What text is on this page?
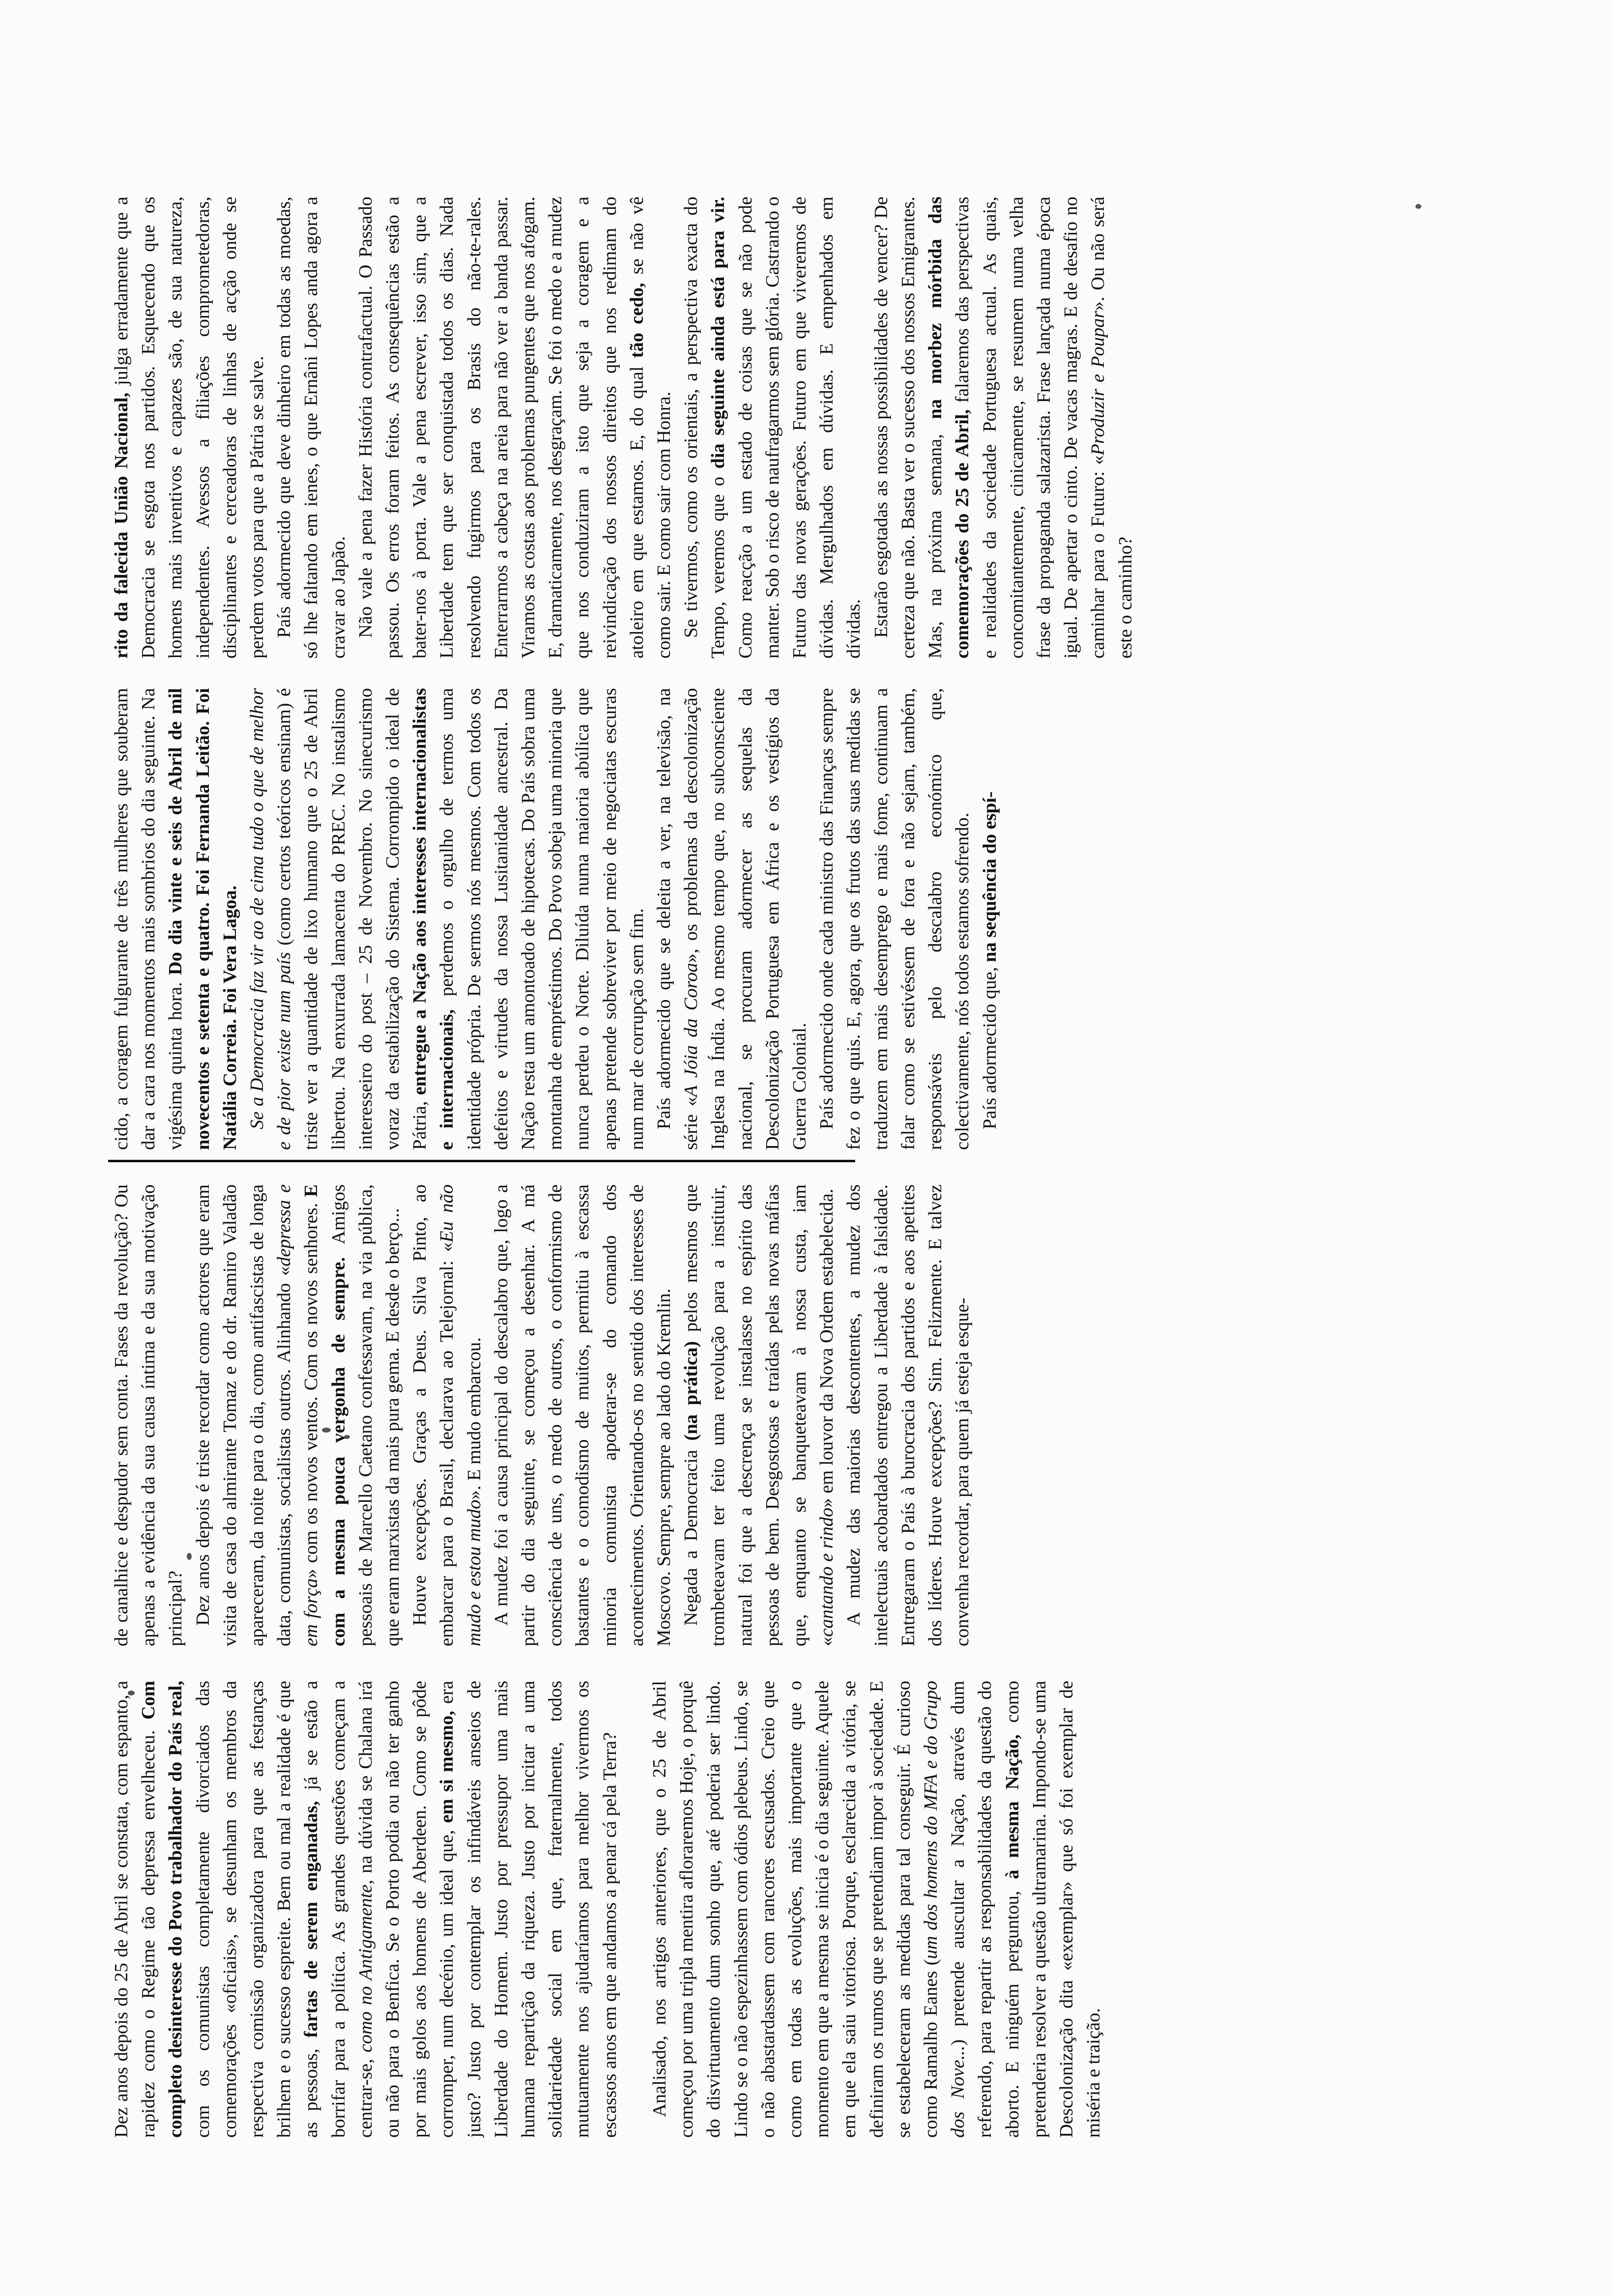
Dez anos depois do 25 de Abril se constata, com espanto, a rapidez como o Regime tão depressa envelheceu. Com completo desinteresse do Povo trabalhador do País real, com os comunistas completamente divorciados das comemorações «oficiais», se desunham os membros da respectiva comissão organizadora para que as festanças brilhem e o sucesso espreite. Bem ou mal a realidade é que as pessoas, fartas de serem enganadas, já se estão a borrifar para a política. As grandes questões começam a centrar-se, como no Antigamente, na dúvida se Chalana irá ou não para o Benfica. Se o Porto podia ou não ter ganho por mais golos aos homens de Aberdeen. Como se pôde corromper, num decénio, um ideal que, em si mesmo, era justo? Justo por contemplar os infindáveis anseios de Liberdade do Homem. Justo por pressupor uma mais humana repartição da riqueza. Justo por incitar a uma solidariedade social em que, fraternalmente, todos mutuamente nos ajudaríamos para melhor vivermos os escassos anos em que andamos a penar cá pela Terra? Analisado, nos artigos anteriores, que o 25 de Abril começou por uma tripla mentira afloraremos Hoje, o porquê do disvirtuamento dum sonho que, até poderia ser lindo. Lindo se o não espezinhassem com ódios plebeus. Lindo, se o não abastardassem com rancores escusados. Creio que como em todas as evoluções, mais importante que o momento em que a mesma se inicia é o dia seguinte. Aquele em que ela saiu vitoriosa. Porque, esclarecida a vitória, se definiram os rumos que se pretendiam impor à sociedade. E se estabeleceram as medidas para tal conseguir. É curioso como Ramalho Eanes (um dos homens do MFA e do Grupo dos Nove...) pretende auscultar a Nação, através dum referendo, para repartir as responsabilidades da questão do aborto. E ninguém perguntou, à mesma Nação, como pretenderia resolver a questão ultramarina. Impondo-se uma Descolonização dita «exemplar» que só foi exemplar de miséria e traição.

de canalhice e despudor sem conta. Fases da revolução? Ou apenas a evidência da sua causa íntima e da sua motivação principal? Dez anos depois é triste recordar como actores que eram visita de casa do almirante Tomaz e do dr. Ramiro Valadão apareceram, da noite para o dia, como antifascistas de longa data, comunistas, socialistas outros. Alinhando «depressa e em força» com os novos ventos. Com os novos senhores. E com a mesma pouca vergonha de sempre. Amigos pessoais de Marcello Caetano confessavam, na via pública, que eram marxistas da mais pura gema. E desde o berço... Houve excepções. Graças a Deus. Silva Pinto, ao embarcar para o Brasil, declarava ao Telejornal: «Eu não mudo e estou mudo». E mudo embarcou. A mudez foi a causa principal do descalabro que, logo a partir do dia seguinte, se começou a desenhar. A má consciência de uns, o medo de outros, o conformismo de bastantes e o comodismo de muitos, permitiu à escassa minoria comunista apoderar-se do comando dos acontecimentos. Orientando-os no sentido dos interesses de Moscovo. Sempre, sempre ao lado do Kremlin. Negada a Democracia (na prática) pelos mesmos que trombeteavam ter feito uma revolução para a instituir, natural foi que a descrença se instalasse no espírito das pessoas de bem. Desgostosas e traídas pelas novas máfias que, enquanto se banqueteavam à nossa custa, iam «cantando e rindo» em louvor da Nova Ordem estabelecida. A mudez das maiorias descontentes, a mudez dos intelectuais acobardados entregou a Liberdade à falsidade. Entregaram o País à burocracia dos partidos e aos apetites dos líderes. Houve excepções? Sim. Felizmente. E talvez convenha recordar, para quem já esteja esque-

cido, a coragem fulgurante de três mulheres que souberam dar a cara nos momentos mais sombrios do dia seguinte. Na vigésima quinta hora. Do dia vinte e seis de Abril de mil novecentos e setenta e quatro. Foi Fernanda Leitão. Foi Natália Correia. Foi Vera Lagoa. Se a Democracia faz vir ao de cima tudo o que de melhor e de pior existe num país (como certos teóricos ensinam) é triste ver a quantidade de lixo humano que o 25 de Abril libertou. Na enxurrada lamacenta do PREC. No instalismo interesseiro do post – 25 de Novembro. No sinecurismo voraz da estabilização do Sistema. Corrompido o ideal de Pátria, entregue a Nação aos interesses internacionalistas e internacionais, perdemos o orgulho de termos uma identidade própria. De sermos nós mesmos. Com todos os defeitos e virtudes da nossa Lusitanidade ancestral. Da Nação resta um amontoado de hipotecas. Do País sobra uma montanha de empréstimos. Do Povo sobeja uma minoria que nunca perdeu o Norte. Diluída numa maioria abúlica que apenas pretende sobreviver por meio de negociatas escuras num mar de corrupção sem fim. País adormecido que se deleita a ver, na televisão, na série «A Jóia da Coroa», os problemas da descolonização Inglesa na Índia. Ao mesmo tempo que, no subconsciente nacional, se procuram adormecer as sequelas da Descolonização Portuguesa em África e os vestígios da Guerra Colonial. País adormecido onde cada ministro das Finanças sempre fez o que quis. E, agora, que os frutos das suas medidas se traduzem em mais desemprego e mais fome, continuam a falar como se estivéssem de fora e não sejam, também, responsáveis pelo descalabro económico que, colectivamente, nós todos estamos sofrendo. País adormecido que, na sequência do espí-

rito da falecida União Nacional, julga erradamente que a Democracia se esgota nos partidos. Esquecendo que os homens mais inventivos e capazes são, de sua natureza, independentes. Avessos a filiações comprometedoras, disciplinantes e cerceadoras de linhas de acção onde se perdem votos para que a Pátria se salve. País adormecido que deve dinheiro em todas as moedas, só lhe faltando em ienes, o que Ernâni Lopes anda agora a cravar ao Japão. Não vale a pena fazer História contrafactual. O Passado passou. Os erros foram feitos. As consequências estão a bater-nos à porta. Vale a pena escrever, isso sim, que a Liberdade tem que ser conquistada todos os dias. Nada resolvendo fugirmos para os Brasis do não-te-rales. Enterrarmos a cabeça na areia para não ver a banda passar. Viramos as costas aos problemas pungentes que nos afogam. E, dramaticamente, nos desgraçam. Se foi o medo e a mudez que nos conduziram a isto que seja a coragem e a reivindicação dos nossos direitos que nos redimam do atoleiro em que estamos. E, do qual tão cedo, se não vê como sair. E como sair com Honra. Se tivermos, como os orientais, a perspectiva exacta do Tempo, veremos que o dia seguinte ainda está para vir. Como reacção a um estado de coisas que se não pode manter. Sob o risco de naufragarmos sem glória. Castrando o Futuro das novas gerações. Futuro em que viveremos de dívidas. Mergulhados em dúvidas. E empenhados em dívidas. Estarão esgotadas as nossas possibilidades de vencer? De certeza que não. Basta ver o sucesso dos nossos Emigrantes. Mas, na próxima semana, na morbez mórbida das comemorações do 25 de Abril, falaremos das perspectivas e realidades da sociedade Portuguesa actual. As quais, concomitantemente, cinicamente, se resumem numa velha frase da propaganda salazarista. Frase lançada numa época igual. De apertar o cinto. De vacas magras. E de desafio no caminhar para o Futuro: «Produzir e Poupar». Ou não será este o caminho?
